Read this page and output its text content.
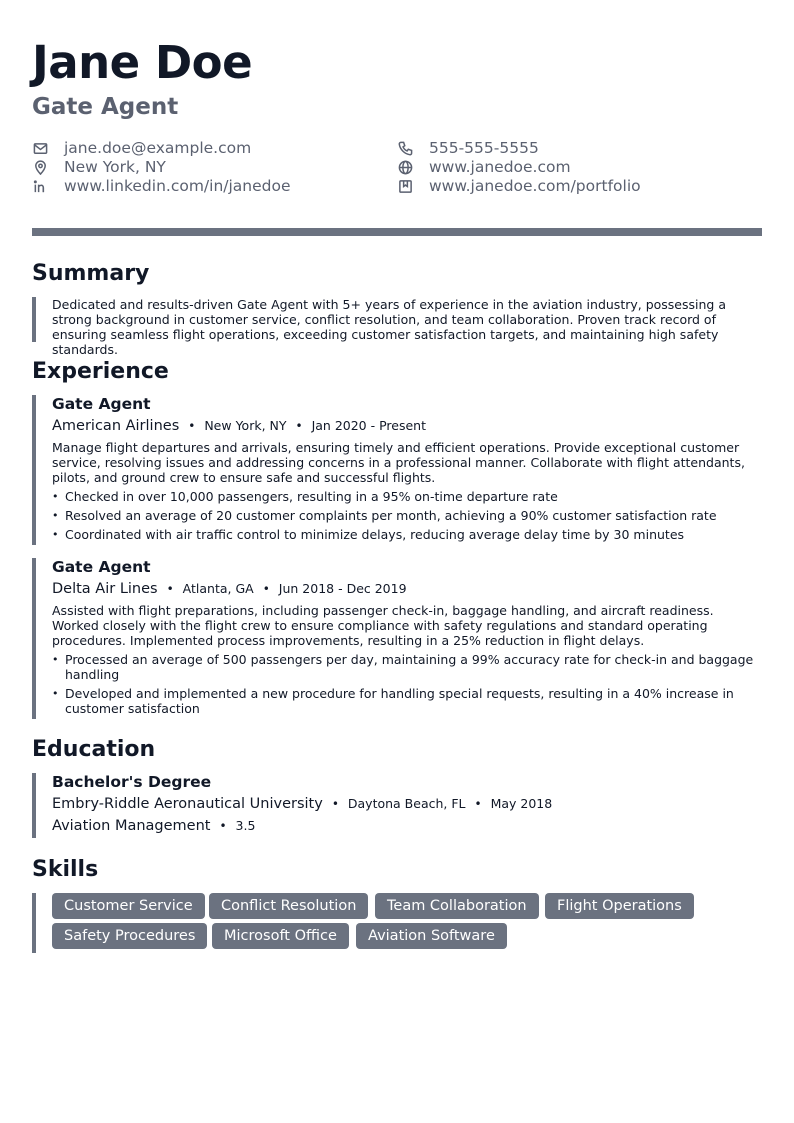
Jane Doe
Gate Agent
jane.doe@example.com
New York, NY
www.linkedin.com/in/janedoe
555-555-5555
www.janedoe.com
www.janedoe.com/portfolio
Summary
Dedicated and results-driven Gate Agent with 5+ years of experience in the aviation industry, possessing a strong background in customer service, conflict resolution, and team collaboration. Proven track record of ensuring seamless flight operations, exceeding customer satisfaction targets, and maintaining high safety standards.
Experience
Gate Agent
American Airlines • New York, NY • Jan 2020 - Present
Manage flight departures and arrivals, ensuring timely and efficient operations. Provide exceptional customer service, resolving issues and addressing concerns in a professional manner. Collaborate with flight attendants, pilots, and ground crew to ensure safe and successful flights.
• Checked in over 10,000 passengers, resulting in a 95% on-time departure rate
• Resolved an average of 20 customer complaints per month, achieving a 90% customer satisfaction rate
• Coordinated with air traffic control to minimize delays, reducing average delay time by 30 minutes
Gate Agent
Delta Air Lines • Atlanta, GA • Jun 2018 - Dec 2019
Assisted with flight preparations, including passenger check-in, baggage handling, and aircraft readiness. Worked closely with the flight crew to ensure compliance with safety regulations and standard operating procedures. Implemented process improvements, resulting in a 25% reduction in flight delays.
• Processed an average of 500 passengers per day, maintaining a 99% accuracy rate for check-in and baggage handling
• Developed and implemented a new procedure for handling special requests, resulting in a 40% increase in customer satisfaction
Education
Bachelor's Degree
Embry-Riddle Aeronautical University • Daytona Beach, FL • May 2018
Aviation Management • 3.5
Skills
Customer Service	Conflict Resolution	Team Collaboration	Flight Operations
Safety Procedures	Microsoft Office	Aviation Software
